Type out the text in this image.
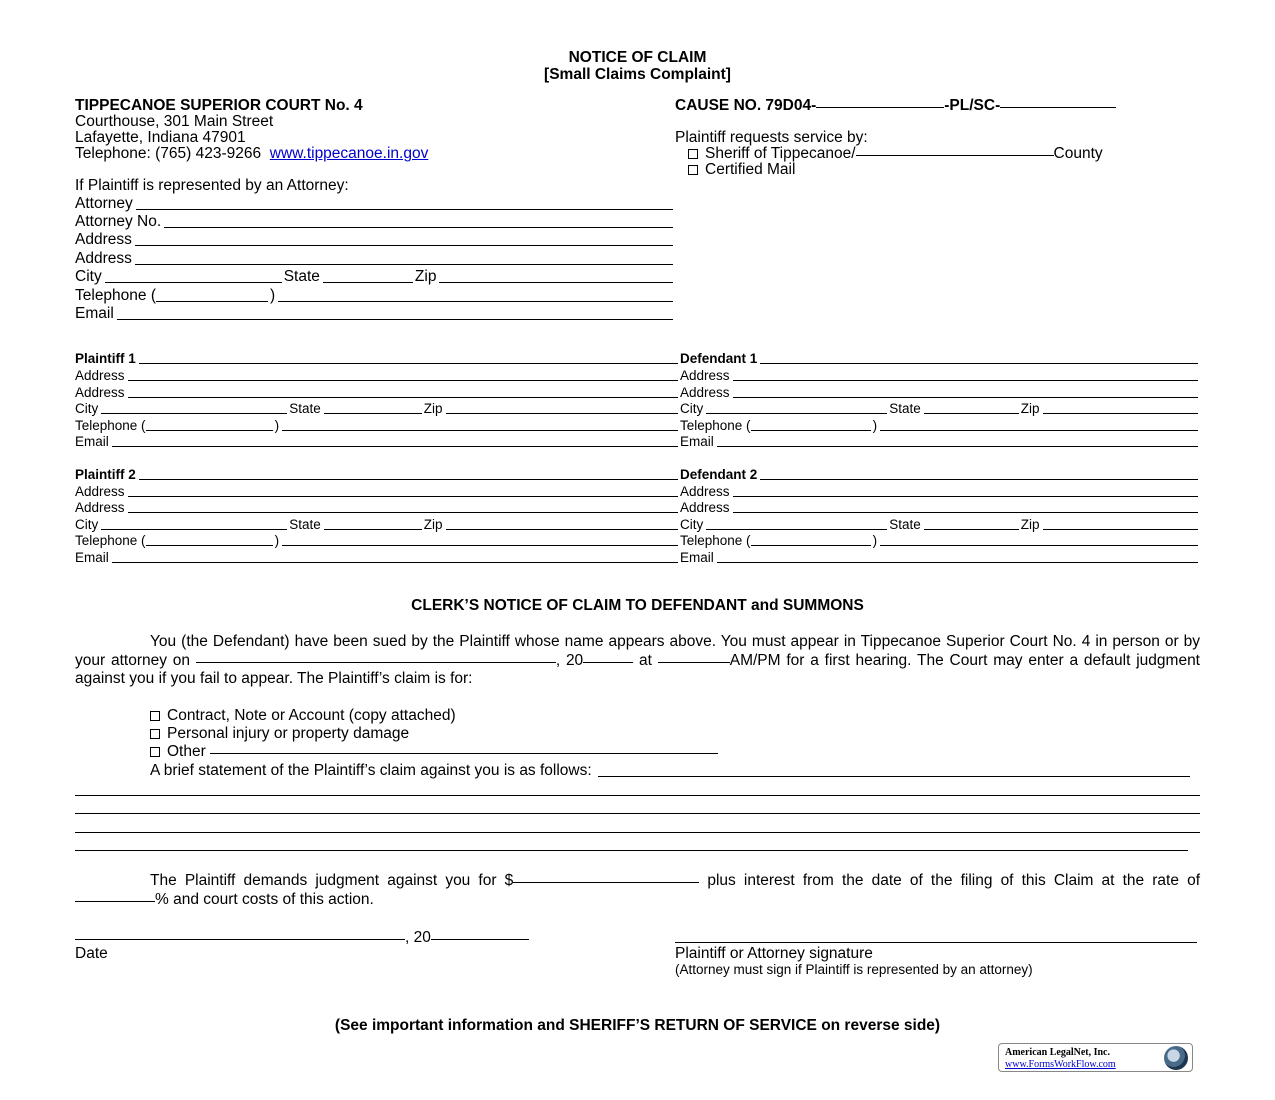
NOTICE OF CLAIM
[Small Claims Complaint]
TIPPECANOE SUPERIOR COURT No. 4
Courthouse, 301 Main Street
Lafayette, Indiana 47901
Telephone: (765) 423-9266 www.tippecanoe.in.gov
CAUSE NO. 79D04-	-PL/SC-
Plaintiff requests service by:
Sheriff of Tippecanoe/	County
Certified Mail
If Plaintiff is represented by an Attorney:
Attorney
Attorney No.
Address
Address
City	State	Zip
Telephone (	)
Email
Plaintiff 1
Address
Address
City	State	Zip
Telephone (	)
Email
Defendant 1
Address
Address
City	State	Zip
Telephone (	)
Email
Plaintiff 2
Address
Address
City	State	Zip
Telephone (	)
Email
Defendant 2
Address
Address
City	State	Zip
Telephone (	)
Email
CLERK’S NOTICE OF CLAIM TO DEFENDANT and SUMMONS
You (the Defendant) have been sued by the Plaintiff whose name appears above. You must appear in Tippecanoe Superior Court No. 4 in person or by your attorney on	, 20	at	AM/PM for a first hearing. The Court may enter a default judgment against you if you fail to appear. The Plaintiff’s claim is for:
Contract, Note or Account (copy attached)
Personal injury or property damage
Other
A brief statement of the Plaintiff’s claim against you is as follows:
The Plaintiff demands judgment against you for $	plus interest from the date of the filing of this Claim at the rate of % and court costs of this action.
, 20
Date	Plaintiff or Attorney signature
(Attorney must sign if Plaintiff is represented by an attorney)
(See important information and SHERIFF’S RETURN OF SERVICE on reverse side)
American LegalNet, Inc.
www.FormsWorkFlow.com
